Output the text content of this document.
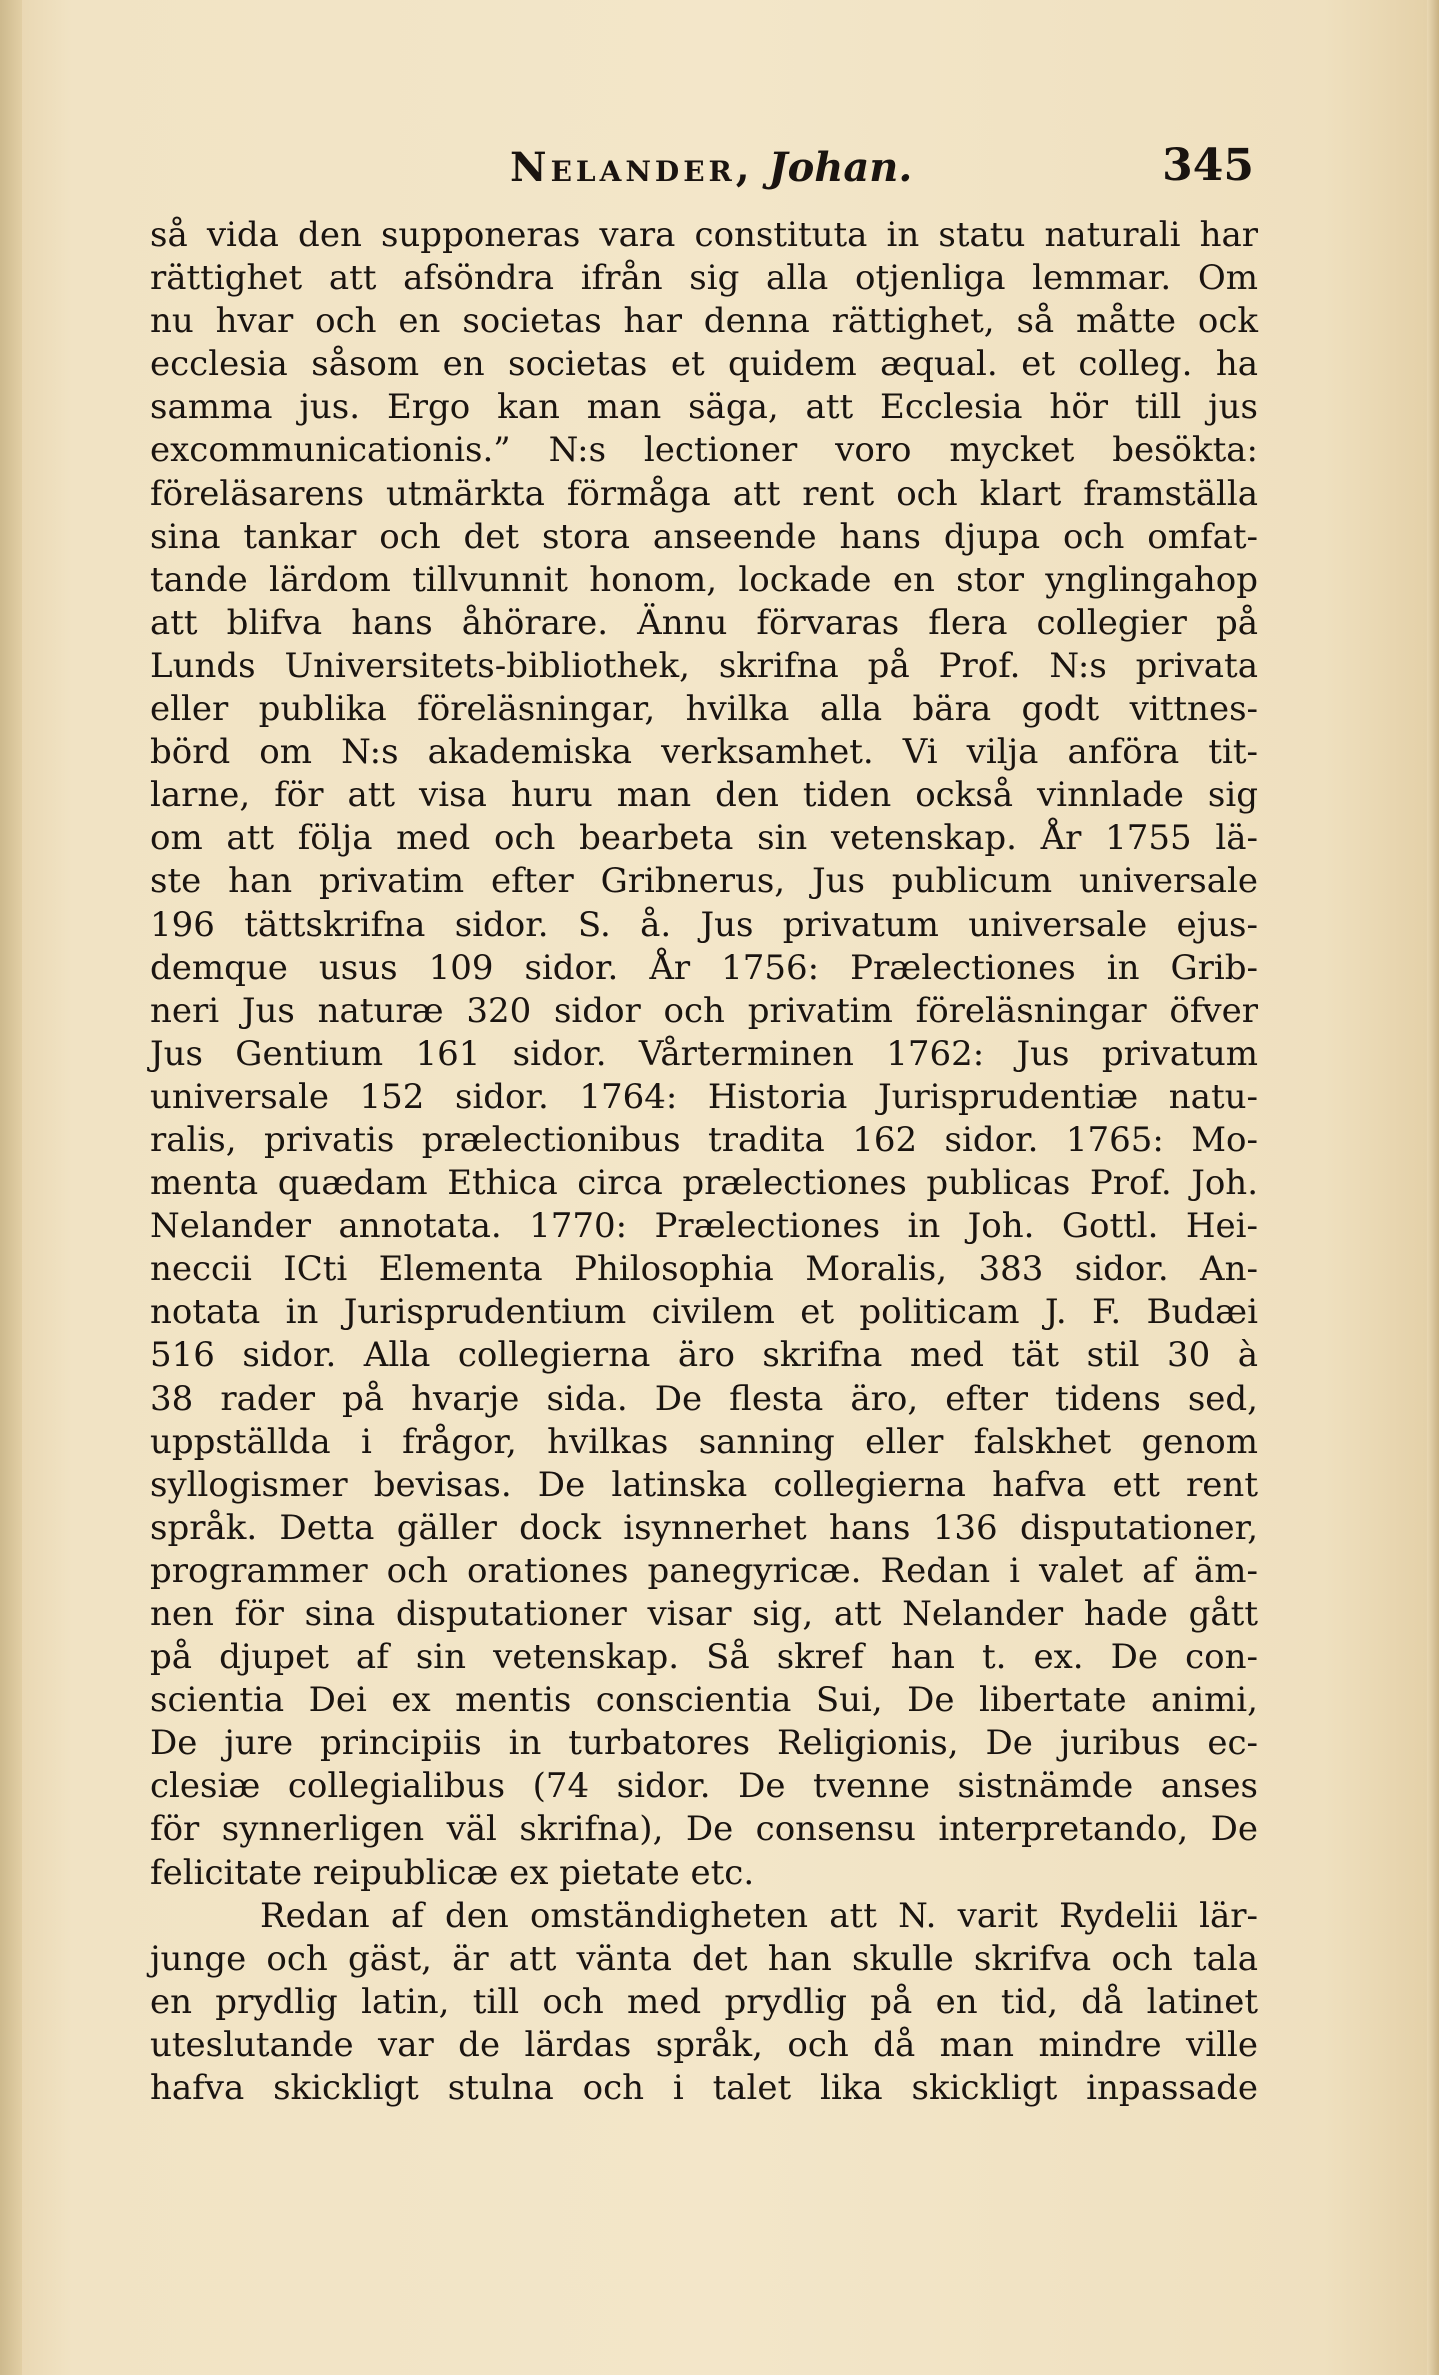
Nelander, Johan.	345
så vida den supponeras vara constituta in statu naturali har
rättighet att afsöndra ifrån sig alla otjenliga lemmar. Om
nu hvar och en societas har denna rättighet, så måtte ock
ecclesia såsom en societas et quidem æqual. et colleg. ha
samma jus. Ergo kan man säga, att Ecclesia hör till jus
excommunicationis.” N:s lectioner voro mycket besökta:
föreläsarens utmärkta förmåga att rent och klart framställa
sina tankar och det stora anseende hans djupa och omfat-
tande lärdom tillvunnit honom, lockade en stor ynglingahop
att blifva hans åhörare. Ännu förvaras flera collegier på
Lunds Universitets-bibliothek, skrifna på Prof. N:s privata
eller publika föreläsningar, hvilka alla bära godt vittnes-
börd om N:s akademiska verksamhet. Vi vilja anföra tit-
larne, för att visa huru man den tiden också vinnlade sig
om att följa med och bearbeta sin vetenskap. År 1755 lä-
ste han privatim efter Gribnerus, Jus publicum universale
196 tättskrifna sidor. S. å. Jus privatum universale ejus-
demque usus 109 sidor. År 1756: Prælectiones in Grib-
neri Jus naturæ 320 sidor och privatim föreläsningar öfver
Jus Gentium 161 sidor. Vårterminen 1762: Jus privatum
universale 152 sidor. 1764: Historia Jurisprudentiæ natu-
ralis, privatis prælectionibus tradita 162 sidor. 1765: Mo-
menta quædam Ethica circa prælectiones publicas Prof. Joh.
Nelander annotata. 1770: Prælectiones in Joh. Gottl. Hei-
neccii ICti Elementa Philosophia Moralis, 383 sidor. An-
notata in Jurisprudentium civilem et politicam J. F. Budæi
516 sidor. Alla collegierna äro skrifna med tät stil 30 à
38 rader på hvarje sida. De flesta äro, efter tidens sed,
uppställda i frågor, hvilkas sanning eller falskhet genom
syllogismer bevisas. De latinska collegierna hafva ett rent
språk. Detta gäller dock isynnerhet hans 136 disputationer,
programmer och orationes panegyricæ. Redan i valet af äm-
nen för sina disputationer visar sig, att Nelander hade gått
på djupet af sin vetenskap. Så skref han t. ex. De con-
scientia Dei ex mentis conscientia Sui, De libertate animi,
De jure principiis in turbatores Religionis, De juribus ec-
clesiæ collegialibus (74 sidor. De tvenne sistnämde anses
för synnerligen väl skrifna), De consensu interpretando, De
felicitate reipublicæ ex pietate etc.
Redan af den omständigheten att N. varit Rydelii lär-
junge och gäst, är att vänta det han skulle skrifva och tala
en prydlig latin, till och med prydlig på en tid, då latinet
uteslutande var de lärdas språk, och då man mindre ville
hafva skickligt stulna och i talet lika skickligt inpassade
